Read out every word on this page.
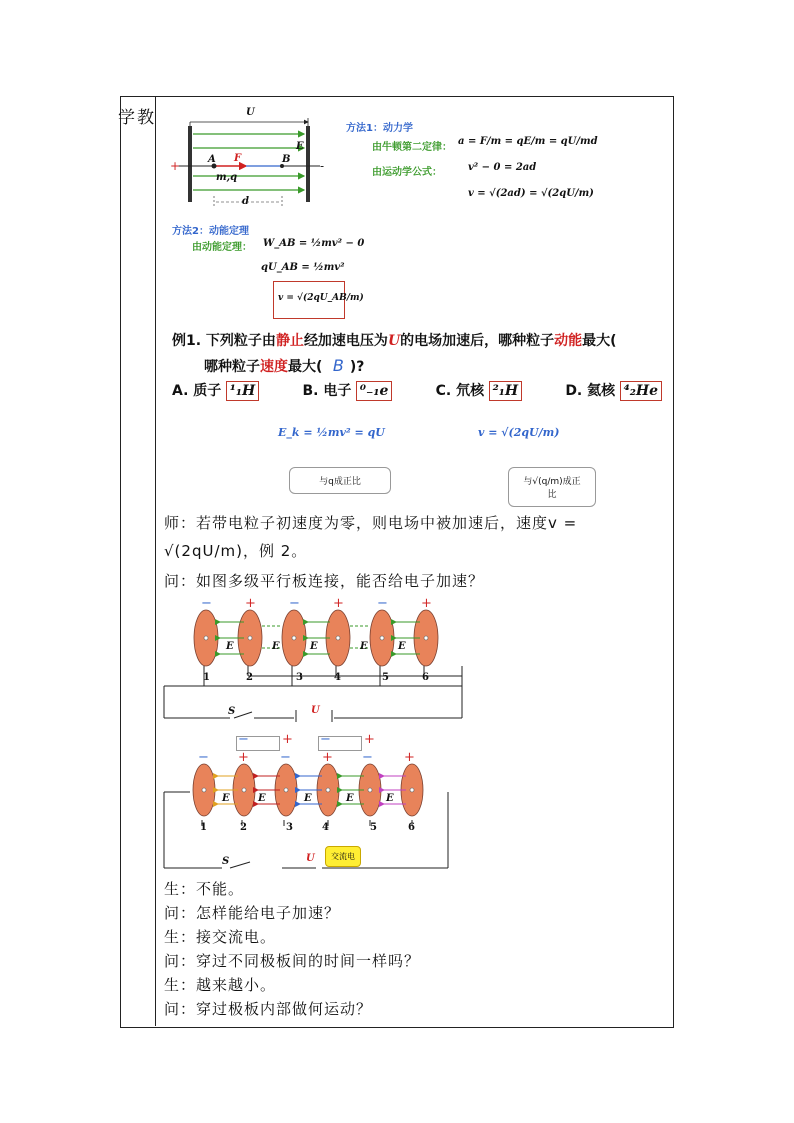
学教	U
E
A F	B
m,q
d
+	-
方法1：动力学
由牛顿第二定律：
a = F/m = qE/m = qU/md
由运动学公式：	v² − 0 = 2ad
v = √(2ad) = √(2qU/m)
方法2：动能定理
由动能定理： W_AB = ½mv² − 0
qU_AB = ½mv²
v = √(2qU_AB/m)
例1. 下列粒子由静止经加速电压为U的电场加速后，哪种粒子动能最大(
哪种粒子速度最大( B )?
A. 质子 ¹₁H	B. 电子 ⁰₋₁e	C. 氘核 ²₁H	D. 氦核 ⁴₂He
E_k = ½mv² = qU
与q成正比
v = √(2qU/m)
与√(q/m)成正比
师：若带电粒子初速度为零，则电场中被加速后，速度v =
√(2qU/m)，例 2。
问：如图多级平行板连接，能否给电子加速？
−	+	−	+	−	+
E	E	E	E	E
1	2	3	4	5	6
S	U
−	+ −	+
− + − + − +
E	E	E	E	E
1	2	3	4	5	6
S	U	交流电
生：不能。
问：怎样能给电子加速？
生：接交流电。
问：穿过不同极板间的时间一样吗？
生：越来越小。
问：穿过极板内部做何运动？
